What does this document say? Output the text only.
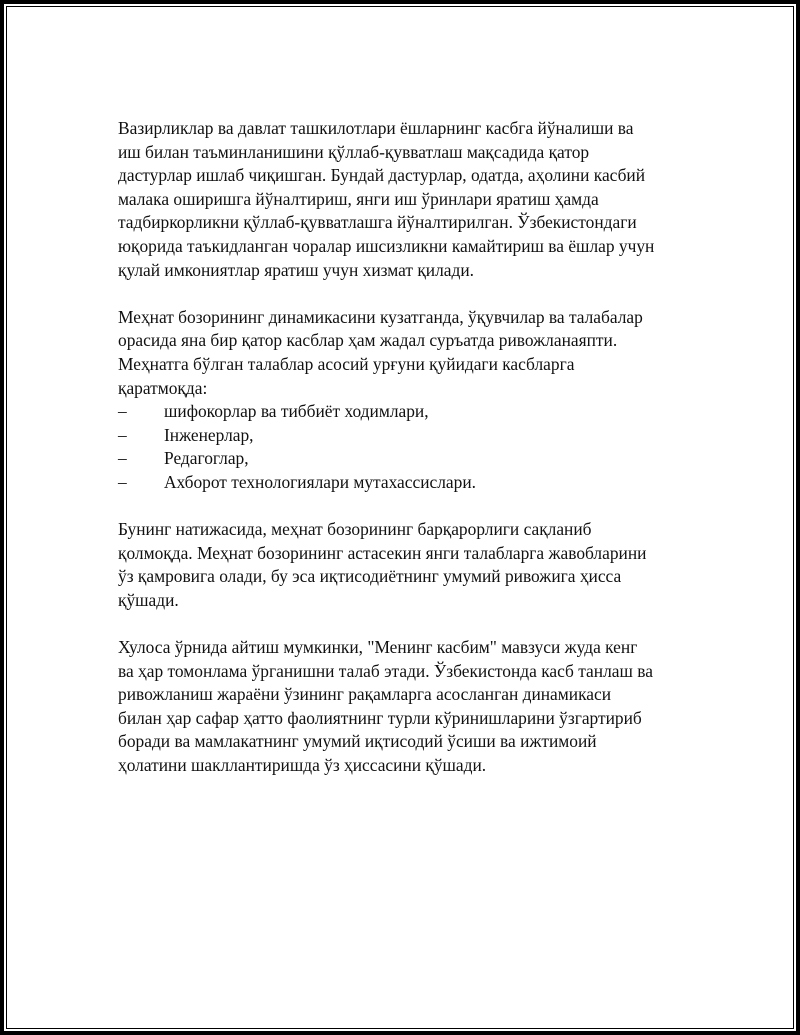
Вазирликлар ва давлат ташкилотлари ёшларнинг касбга йўналиши ва
иш билан таъминланишини қўллаб-қувватлаш мақсадида қатор
дастурлар ишлаб чиқишган. Бундай дастурлар, одатда, аҳолини касбий
малака оширишга йўналтириш, янги иш ўринлари яратиш ҳамда
тадбиркорликни қўллаб-қувватлашга йўналтирилган. Ўзбекистондаги
юқорида таъкидланган чоралар ишсизликни камайтириш ва ёшлар учун
қулай имкониятлар яратиш учун хизмат қилади.

Меҳнат бозорининг динамикасини кузатганда, ўқувчилар ва талабалар
орасида яна бир қатор касблар ҳам жадал суръатда ривожланаяпти.
Меҳнатга бўлган талаблар асосий урғуни қуйидаги касбларга
қаратмоқда:

– шифокорлар ва тиббиёт ходимлари,
– Інженерлар,
– Редагоглар,
– Ахборот технологиялари мутахассислари.

Бунинг натижасида, меҳнат бозорининг барқарорлиги сақланиб
қолмоқда. Меҳнат бозорининг астасекин янги талабларга жавобларини
ўз қамровига олади, бу эса иқтисодиётнинг умумий ривожига ҳисса
қўшади.

Хулоса ўрнида айтиш мумкинки, "Менинг касбим" мавзуси жуда кенг
ва ҳар томонлама ўрганишни талаб этади. Ўзбекистонда касб танлаш ва
ривожланиш жараёни ўзининг рақамларга асосланган динамикаси
билан ҳар сафар ҳатто фаолиятнинг турли кўринишларини ўзгартириб
боради ва мамлакатнинг умумий иқтисодий ўсиши ва ижтимоий
ҳолатини шакллантиришда ўз ҳиссасини қўшади.
